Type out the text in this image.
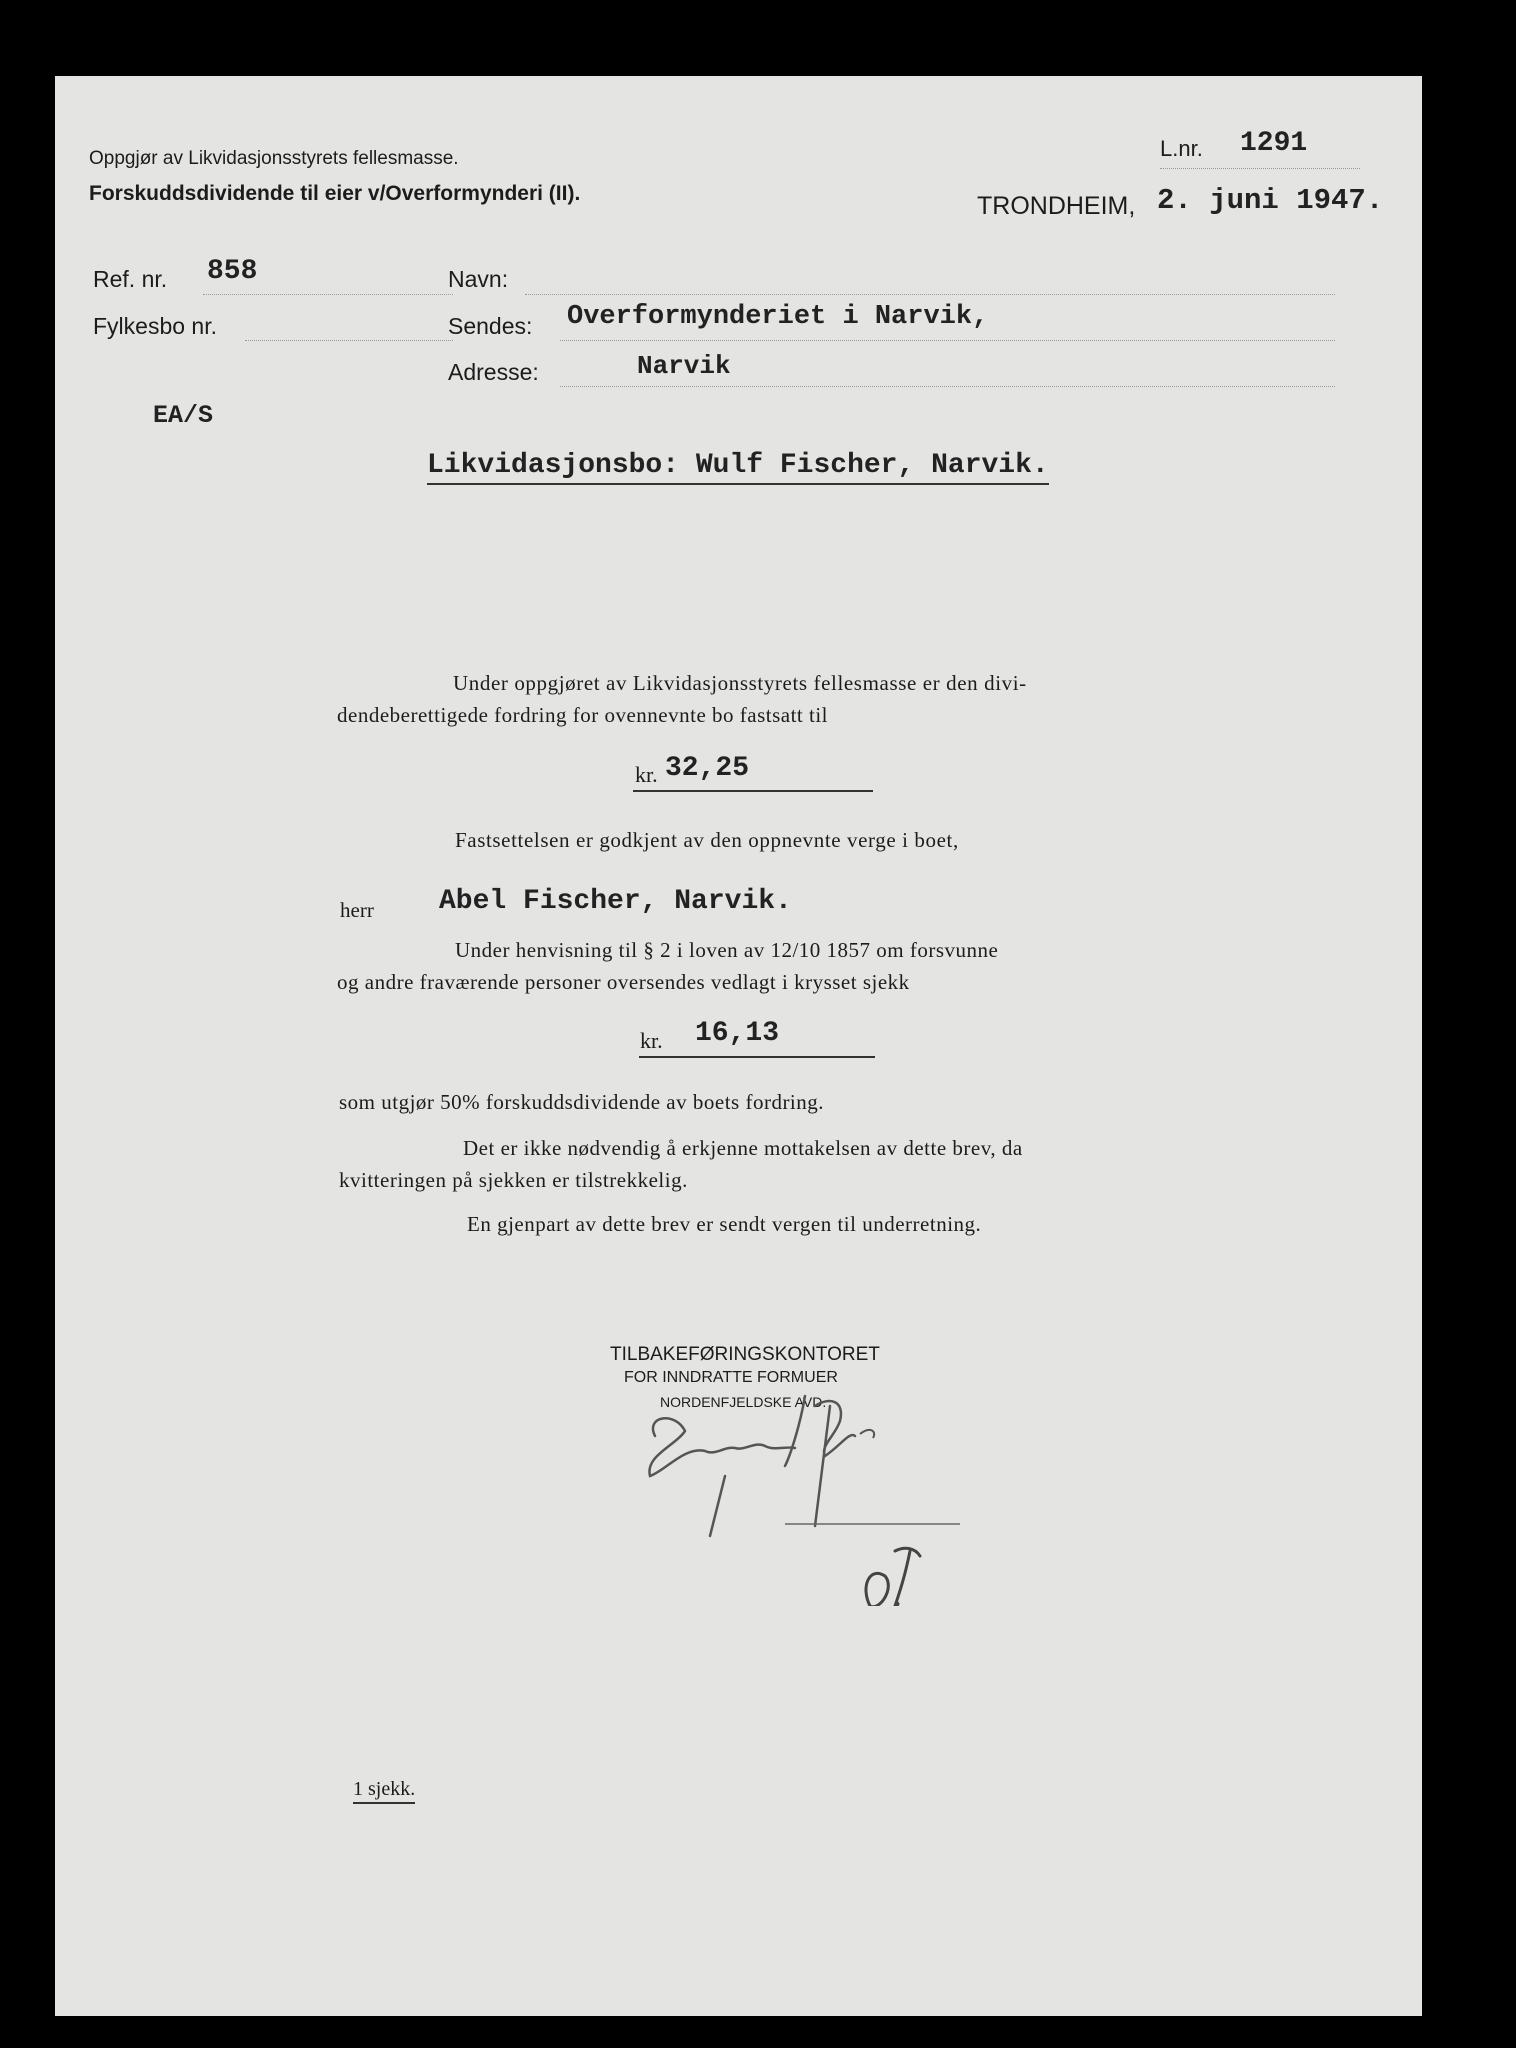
Oppgjør av Likvidasjonsstyrets fellesmasse.
Forskuddsdividende til eier v/Overformynderi (II).
L.nr. 1291
TRONDHEIM, 2. juni 1947.
Ref. nr. 858
Fylkesbo nr.
EA/S
Navn:
Sendes: Overformynderiet i Narvik,
Adresse:	Narvik
Likvidasjonsbo: Wulf Fischer, Narvik.
Under oppgjøret av Likvidasjonsstyrets fellesmasse er den divi-
dendeberettigede fordring for ovennevnte bo fastsatt til
kr. 32,25
Fastsettelsen er godkjent av den oppnevnte verge i boet,
herr Abel Fischer, Narvik.
Under henvisning til § 2 i loven av 12/10 1857 om forsvunne
og andre fraværende personer oversendes vedlagt i krysset sjekk
kr. 16,13
som utgjør 50% forskuddsdividende av boets fordring.
Det er ikke nødvendig å erkjenne mottakelsen av dette brev, da
kvitteringen på sjekken er tilstrekkelig.
En gjenpart av dette brev er sendt vergen til underretning.
TILBAKEFØRINGSKONTORET
FOR INNDRATTE FORMUER
NORDENFJELDSKE AVD.
1 sjekk.
